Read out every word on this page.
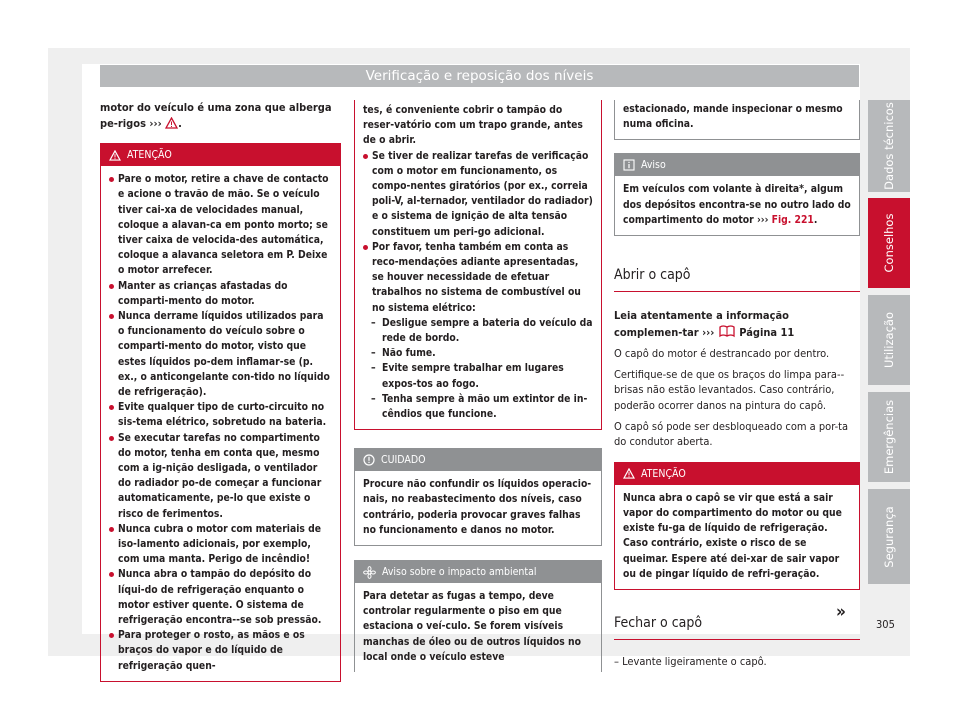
Verificação e reposição dos níveis

motor do veículo é uma zona que alberga pe-rigos ››› .

ATENÇÃO
Pare o motor, retire a chave de contacto e acione o travão de mão. Se o veículo tiver cai-xa de velocidades manual, coloque a alavan-ca em ponto morto; se tiver caixa de velocida-des automática, coloque a alavanca seletora em P. Deixe o motor arrefecer.
Manter as crianças afastadas do comparti-mento do motor.
Nunca derrame líquidos utilizados para o funcionamento do veículo sobre o comparti-mento do motor, visto que estes líquidos po-dem inflamar-se (p. ex., o anticongelante con-tido no líquido de refrigeração).
Evite qualquer tipo de curto-circuito no sis-tema elétrico, sobretudo na bateria.
Se executar tarefas no compartimento do motor, tenha em conta que, mesmo com a ig-nição desligada, o ventilador do radiador po-de começar a funcionar automaticamente, pe-lo que existe o risco de ferimentos.
Nunca cubra o motor com materiais de iso-lamento adicionais, por exemplo, com uma manta. Perigo de incêndio!
Nunca abra o tampão do depósito do líqui-do de refrigeração enquanto o motor estiver quente. O sistema de refrigeração encontra--se sob pressão.
Para proteger o rosto, as mãos e os braços do vapor e do líquido de refrigeração quen-
tes, é conveniente cobrir o tampão do reser-vatório com um trapo grande, antes de o abrir.
Se tiver de realizar tarefas de verificação com o motor em funcionamento, os compo-nentes giratórios (por ex., correia poli-V, al-ternador, ventilador do radiador) e o sistema de ignição de alta tensão constituem um peri-go adicional.
Por favor, tenha também em conta as reco-mendações adiante apresentadas, se houver necessidade de efetuar trabalhos no sistema de combustível ou no sistema elétrico:
– Desligue sempre a bateria do veículo da rede de bordo.
– Não fume.
– Evite sempre trabalhar em lugares expos-tos ao fogo.
– Tenha sempre à mão um extintor de in-cêndios que funcione.
CUIDADO
Procure não confundir os líquidos operacio-nais, no reabastecimento dos níveis, caso contrário, poderia provocar graves falhas no funcionamento e danos no motor.
Aviso sobre o impacto ambiental
Para detetar as fugas a tempo, deve controlar regularmente o piso em que estaciona o veí-culo. Se forem visíveis manchas de óleo ou de outros líquidos no local onde o veículo esteve
estacionado, mande inspecionar o mesmo numa oficina.
Aviso
Em veículos com volante à direita*, algum dos depósitos encontra-se no outro lado do compartimento do motor ››› Fig. 221.
Abrir o capô

Leia atentamente a informação complemen-tar ››› Página 11

O capô do motor é destrancado por dentro.

Certifique-se de que os braços do limpa para--brisas não estão levantados. Caso contrário, poderão ocorrer danos na pintura do capô.

O capô só pode ser desbloqueado com a por-ta do condutor aberta.

ATENÇÃO
Nunca abra o capô se vir que está a sair vapor do compartimento do motor ou que existe fu-ga de líquido de refrigeração. Caso contrário, existe o risco de se queimar. Espere até dei-xar de sair vapor ou de pingar líquido de refri-geração.
Fechar o capô

– Levante ligeiramente o capô.

»
305
Dados técnicos
Conselhos
Utilização
Emergências
Segurança
